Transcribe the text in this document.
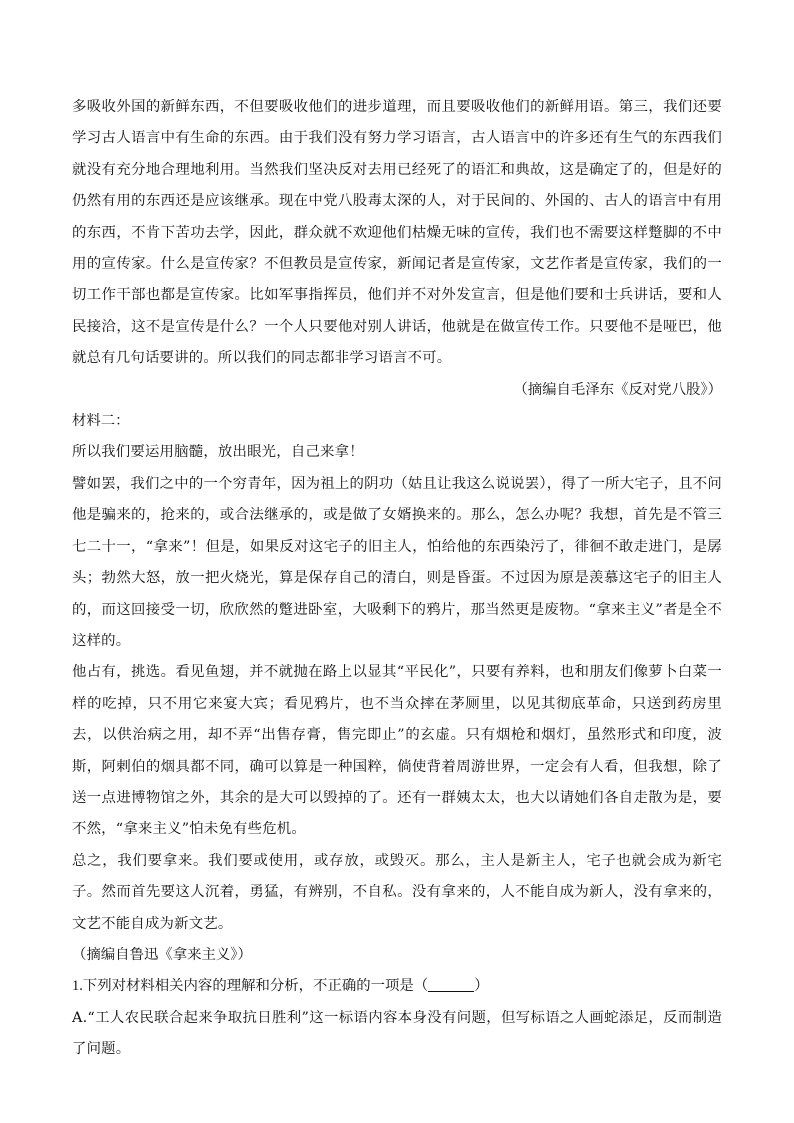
多吸收外国的新鲜东西，不但要吸收他们的进步道理，而且要吸收他们的新鲜用语。第三，我们还要学习古人语言中有生命的东西。由于我们没有努力学习语言，古人语言中的许多还有生气的东西我们就没有充分地合理地利用。当然我们坚决反对去用已经死了的语汇和典故，这是确定了的，但是好的仍然有用的东西还是应该继承。现在中党八股毒太深的人，对于民间的、外国的、古人的语言中有用的东西，不肯下苦功去学，因此，群众就不欢迎他们枯燥无味的宣传，我们也不需要这样蹩脚的不中用的宣传家。什么是宣传家？不但教员是宣传家，新闻记者是宣传家，文艺作者是宣传家，我们的一切工作干部也都是宣传家。比如军事指挥员，他们并不对外发宣言，但是他们要和士兵讲话，要和人民接洽，这不是宣传是什么？一个人只要他对别人讲话，他就是在做宣传工作。只要他不是哑巴，他就总有几句话要讲的。所以我们的同志都非学习语言不可。

（摘编自毛泽东《反对党八股》）

材料二：

所以我们要运用脑髓，放出眼光，自己来拿！

譬如罢，我们之中的一个穷青年，因为祖上的阴功（姑且让我这么说说罢），得了一所大宅子，且不问他是骗来的，抢来的，或合法继承的，或是做了女婿换来的。那么，怎么办呢？我想，首先是不管三七二十一，“拿来”！但是，如果反对这宅子的旧主人，怕给他的东西染污了，徘徊不敢走进门，是孱头；勃然大怒，放一把火烧光，算是保存自己的清白，则是昏蛋。不过因为原是羡慕这宅子的旧主人的，而这回接受一切，欣欣然的蹩进卧室，大吸剩下的鸦片，那当然更是废物。“拿来主义”者是全不这样的。

他占有，挑选。看见鱼翅，并不就抛在路上以显其“平民化”，只要有养料，也和朋友们像萝卜白菜一样的吃掉，只不用它来宴大宾；看见鸦片，也不当众摔在茅厕里，以见其彻底革命，只送到药房里去，以供治病之用，却不弄“出售存膏，售完即止”的玄虚。只有烟枪和烟灯，虽然形式和印度，波斯，阿剌伯的烟具都不同，确可以算是一种国粹，倘使背着周游世界，一定会有人看，但我想，除了送一点进博物馆之外，其余的是大可以毁掉的了。还有一群姨太太，也大以请她们各自走散为是，要不然，“拿来主义”怕未免有些危机。

总之，我们要拿来。我们要或使用，或存放，或毁灭。那么，主人是新主人，宅子也就会成为新宅子。然而首先要这人沉着，勇猛，有辨别，不自私。没有拿来的，人不能自成为新人，没有拿来的，文艺不能自成为新文艺。

（摘编自鲁迅《拿来主义》）

1.下列对材料相关内容的理解和分析，不正确的一项是（	）

A.“工人农民联合起来争取抗日胜利”这一标语内容本身没有问题，但写标语之人画蛇添足，反而制造了问题。
